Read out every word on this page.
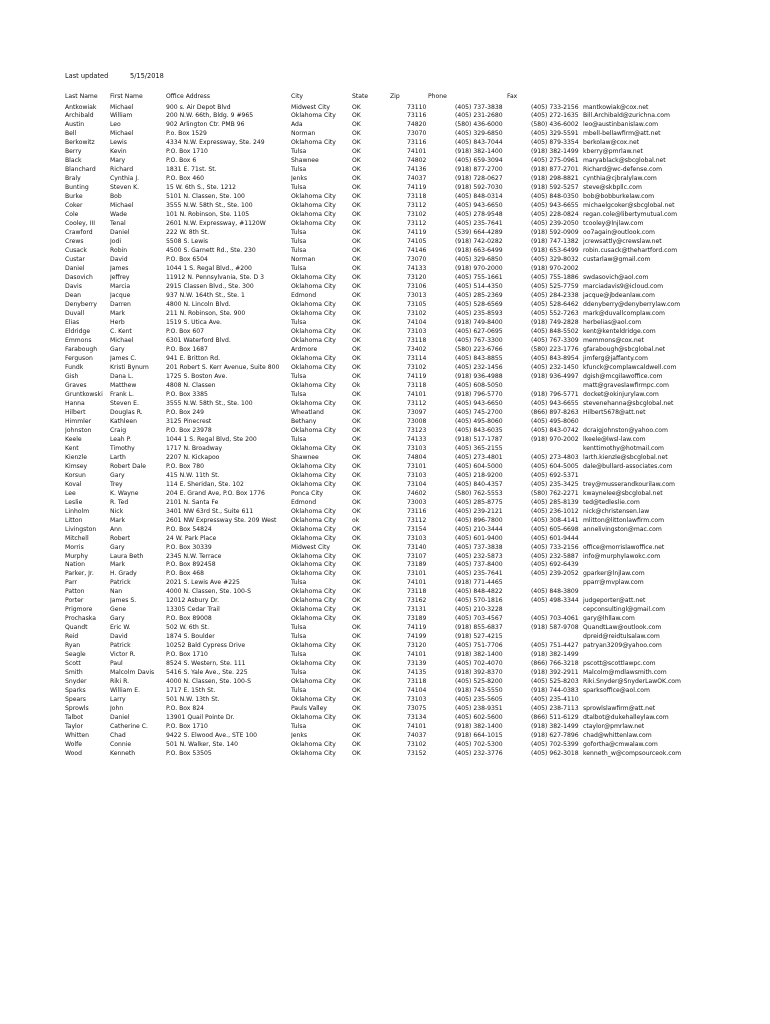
Last updated	5/15/2018
Last Name	First Name	Office Address	City	State	Zip	Phone	Fax
Antkowiak	Michael	900 s. Air Depot Blvd	Midwest City	OK	73110	(405) 737-3838	(405) 733-2156 mantkowiak@cox.net
Archibald	William	200 N.W. 66th, Bldg. 9 #965	Oklahoma City	OK	73116	(405) 231-2680	(405) 272-1635 Bill.Archibald@zurichna.com
Austin	Leo	902 Arlington Ctr. PMB 96	Ada	OK	74820	(580) 436-6000	(580) 436-6002 leo@austinbanislaw.com
Bell	Michael	P.o. Box 1529	Norman	OK	73070	(405) 329-6850	(405) 329-5591 mbell-bellawfirm@att.net
Berkowitz	Lewis	4334 N.W. Expressway, Ste. 249	Oklahoma City	OK	73116	(405) 843-7044	(405) 879-3354 berkolaw@cox.net
Berry	Kevin	P.O. Box 1710	Tulsa	OK	74101	(918) 382-1400	(918) 382-1499 kberry@pmrlaw.net
Black	Mary	P.O. Box 6	Shawnee	OK	74802	(405) 659-3094	(405) 275-0961 maryablack@sbcglobal.net
Blanchard	Richard	1831 E. 71st. St.	Tulsa	OK	74136	(918) 877-2700	(918) 877-2701 Richard@wc-defense.com
Braly	Cynthia J.	P.O. Box 460	Jenks	OK	74037	(918) 728-0627	(918) 298-8821 cynthia@cjbralylaw.com
Bunting	Steven K.	15 W. 6th S., Ste. 1212	Tulsa	OK	74119	(918) 592-7030	(918) 592-5257 steve@skbpllc.com
Burke	Bob	5101 N. Classen, Ste. 100	Oklahoma City	OK	73118	(405) 848-0314	(405) 848-0350 bob@bobburkelaw.com
Coker	Michael	3555 N.W. 58th St., Ste. 100	Oklahoma City	OK	73112	(405) 943-6650	(405) 943-6655 michaelgcoker@sbcglobal.net
Cole	Wade	101 N. Robinson, Ste. 1105	Oklahoma City	OK	73102	(405) 278-9548	(405) 228-0824 regan.cole@libertymutual.com
Cooley, III	Tenal	2601 N.W. Expressway, #1120W	Oklahoma City	OK	73112	(405) 235-7641	(405) 239-2050 tcooley@lnjlaw.com
Crawford	Daniel	222 W. 8th St.	Tulsa	OK	74119	(539) 664-4289	(918) 592-0909 oo7again@outlook.com
Crews	Jodi	5508 S. Lewis	Tulsa	OK	74105	(918) 742-0282	(918) 747-1382 jcrewsattly@crewslaw.net
Cusack	Robin	4500 S. Garnett Rd., Ste. 230	Tulsa	OK	74146	(918) 663-6499	(918) 653-6499 robin.cusack@thehartford.com
Custar	David	P.O. Box 6504	Norman	OK	73070	(405) 329-6850	(405) 329-8032 custarlaw@gmail.com
Daniel	James	1044 1 S. Regal Blvd., #200	Tulsa	OK	74133	(918) 970-2000	(918) 970-2002
Dasovich	Jeffrey	11912 N. Pennsylvania, Ste. D 3	Oklahoma City	OK	73120	(405) 755-1661	(405) 755-1886 swdasovich@aol.com
Davis	Marcia	2915 Classen Blvd., Ste. 300	Oklahoma City	OK	73106	(405) 514-4350	(405) 525-7759 marciadavis9@icloud.com
Dean	Jacque	937 N.W. 164th St., Ste. 1	Edmond	OK	73013	(405) 285-2369	(405) 284-2338 jacque@jbdeanlaw.com
Denyberry	Darren	4800 N. Lincoln Blvd.	Oklahoma City	OK	73105	(405) 528-6569	(405) 528-6462 ddenyberry@denyberrylaw.com
Duvall	Mark	211 N. Robinson, Ste. 900	Oklahoma City	OK	73102	(405) 235-8593	(405) 552-7263 mark@duvallcomplaw.com
Elias	Herb	1519 S. Utica Ave.	Tulsa	OK	74104	(918) 749-8400	(918) 749-2828 herbelias@aol.com
Eldridge	C. Kent	P.O. Box 607	Oklahoma City	OK	73103	(405) 627-0695	(405) 848-5502 kent@kenteldridge.com
Emmons	Michael	6301 Waterford Blvd.	Oklahoma City	OK	73118	(405) 767-3300	(405) 767-3309 memmons@cox.net
Farabough	Gary	P.O. Box 1687	Ardmore	OK	73402	(580) 223-6766	(580) 223-1776 gfarabough@sbcglobal.net
Ferguson	James C.	941 E. Britton Rd.	Oklahoma City	OK	73114	(405) 843-8855	(405) 843-8954 jimferg@jaffanty.com
Fundk	Kristi Bynum	201 Robert S. Kerr Avenue, Suite 800	Oklahoma City	OK	73102	(405) 232-1456	(405) 232-1450 kfunck@complawcaldwell.com
Gish	Dana L.	1725 S. Boston Ave.	Tulsa	OK	74119	(918) 936-4988	(918) 936-4997 dgish@mcgilawoffice.com
Graves	Matthew	4808 N. Classen	Oklahoma City	Ok	73118	(405) 608-5050	matt@graveslawfirmpc.com
Gruntkowski	Frank L.	P.O. Box 3385	Tulsa	OK	74101	(918) 796-5770	(918) 796-5771 docket@okinjurylaw.com
Hanna	Steven E.	3555 N.W. 58th St., Ste. 100	Oklahoma City	OK	73112	(405) 943-6650	(405) 943-6655 stevenehanna@sbcglobal.net
Hilbert	Douglas R.	P.O. Box 249	Wheatland	OK	73097	(405) 745-2700	(866) 897-8263 Hilbert5678@att.net
Himmler	Kathleen	3125 Pinecrest	Bethany	OK	73008	(405) 495-8060	(405) 495-8060
Johnston	Craig	P.O. Box 23978	Oklahoma City	OK	73123	(405) 843-6035	(405) 843-0742 dcraigjohnston@yahoo.com
Keele	Leah P.	1044 1 S. Regal Blvd, Ste 200	Tulsa	OK	74133	(918) 517-1787	(918) 970-2002 lkeele@lwsl-law.com
Kent	Timothy	1717 N. Broadway	Oklahoma City	OK	73103	(405) 365-2155	kenttimothy@hotmail.com
Kienzle	Larth	2207 N. Kickapoo	Shawnee	OK	74804	(405) 273-4801	(405) 273-4803 larth.kienzle@sbcglobal.net
Kimsey	Robert Dale	P.O. Box 780	Oklahoma City	OK	73101	(405) 604-5000	(405) 604-5005 dale@bullard-associates.com
Korsun	Gary	415 N.W. 11th St.	Oklahoma City	OK	73103	(405) 218-9200	(405) 692-5371
Koval	Trey	114 E. Sheridan, Ste. 102	Oklahoma City	OK	73104	(405) 840-4357	(405) 235-3425 trey@musserandkourilaw.com
Lee	K. Wayne	204 E. Grand Ave, P.O. Box 1776	Ponca City	OK	74602	(580) 762-5553	(580) 762-2271 kwaynelee@sbcglobal.net
Leslie	R. Ted	2101 N. Santa Fe	Edmond	OK	73003	(405) 285-8775	(405) 285-8139 ted@tedleslie.com
Linholm	Nick	3401 NW 63rd St., Suite 611	Oklahoma City	OK	73116	(405) 239-2121	(405) 236-1012 nick@christensen.law
Litton	Mark	2601 NW Expressway Ste. 209 West	Oklahoma City	ok	73112	(405) 896-7800	(405) 308-4141 mlitton@littonlawfirm.com
Livingston	Ann	P.O. Box 54824	Oklahoma City	OK	73154	(405) 210-3444	(405) 605-6698 annelivingston@mac.com
Mitchell	Robert	24 W. Park Place	Oklahoma City	OK	73103	(405) 601-9400	(405) 601-9444
Morris	Gary	P.O. Box 30339	Midwest City	OK	73140	(405) 737-3838	(405) 733-2156 office@morrislawoffice.net
Murphy	Laura Beth	2345 N.W. Terrace	Oklahoma City	OK	73107	(405) 232-5873	(405) 232-5887 info@murphylawokc.com
Nation	Mark	P.O. Box 892458	Oklahoma City	OK	73189	(405) 737-8400	(405) 692-6439
Parker, Jr.	H. Grady	P.O. Box 468	Oklahoma City	OK	73101	(405) 235-7641	(405) 239-2052 gparker@lnjlaw.com
Parr	Patrick	2021 S. Lewis Ave #225	Tulsa	OK	74101	(918) 771-4465	pparr@mvplaw.com
Patton	Nan	4000 N. Classen, Ste. 100-S	Oklahoma City	OK	73118	(405) 848-4822	(405) 848-3809
Porter	James S.	12012 Asbury Dr.	Oklahoma City	OK	73162	(405) 570-1816	(405) 498-3344 judgeporter@att.net
Prigmore	Gene	13305 Cedar Trail	Oklahoma City	OK	73131	(405) 210-3228	cepconsultingl@gmail.com
Prochaska	Gary	P.O. Box 89008	Oklahoma City	OK	73189	(405) 703-4567	(405) 703-4061 gary@lhllaw.com
Quandt	Eric W.	502 W. 6th St.	Tulsa	OK	74119	(918) 855-6837	(918) 587-9708 QuandtLaw@outlook.com
Reid	David	1874 S. Boulder	Tulsa	OK	74199	(918) 527-4215	dpreid@reidtulsalaw.com
Ryan	Patrick	10252 Bald Cypress Drive	Oklahoma City	OK	73120	(405) 751-7706	(405) 751-4427 patryan3209@yahoo.com
Seagle	Victor R.	P.O. Box 1710	Tulsa	OK	74101	(918) 382-1400	(918) 382-1499
Scott	Paul	8524 S. Western, Ste. 111	Oklahoma City	OK	73139	(405) 702-4070	(866) 766-3218 pscott@scottlawpc.com
Smith	Malcolm Davis	5416 S. Yale Ave., Ste. 225	Tulsa	OK	74135	(918) 392-8370	(918) 392-2911 Malcolm@mdlawsmith.com
Snyder	Riki R.	4000 N. Classen, Ste. 100-S	Oklahoma City	OK	73118	(405) 525-8200	(405) 525-8203 Riki.Snyder@SnyderLawOK.com
Sparks	William E.	1717 E. 15th St.	Tulsa	OK	74104	(918) 743-5550	(918) 744-0383 sparksoffice@aol.com
Spears	Larry	501 N.W. 13th St.	Oklahoma City	OK	73103	(405) 235-5605	(405) 235-4110
Sprowls	John	P.O. Box 824	Pauls Valley	OK	73075	(405) 238-9351	(405) 238-7113 sprowlslawfirm@att.net
Talbot	Daniel	13901 Quail Pointe Dr.	Oklahoma City	OK	73134	(405) 602-5600	(866) 511-6129 dtalbot@dukehalleylaw.com
Taylor	Catherine C.	P.O. Box 1710	Tulsa	OK	74101	(918) 382-1400	(918) 382-1499 ctaylor@pmrlaw.net
Whitten	Chad	9422 S. Elwood Ave., STE 100	Jenks	OK	74037	(918) 664-1015	(918) 627-7896 chad@whittenlaw.com
Wolfe	Connie	501 N. Walker, Ste. 140	Oklahoma City	OK	73102	(405) 702-5300	(405) 702-5399 gofortha@cmwalaw.com
Wood	Kenneth	P.O. Box 53505	Oklahoma City	OK	73152	(405) 232-3776	(405) 962-3018 kenneth_w@compsourceok.com
